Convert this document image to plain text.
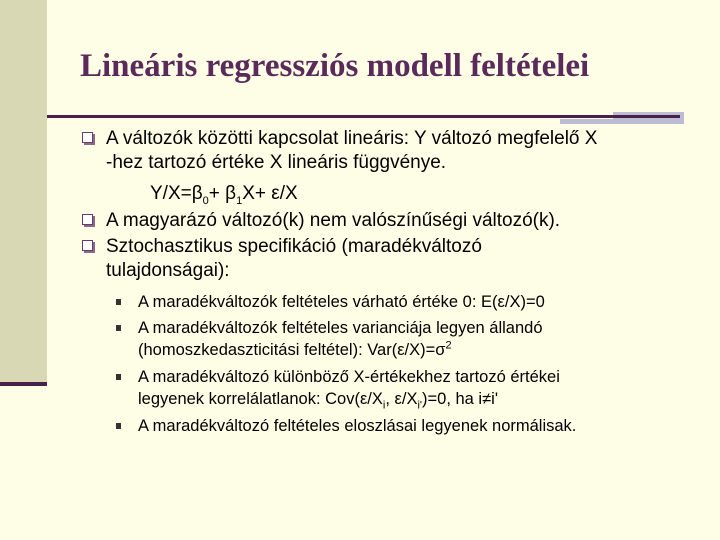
Lineáris regressziós modell feltételei
A változók közötti kapcsolat lineáris: Y változó megfelelő X
-hez tartozó értéke X lineáris függvénye.
$Y/X=\beta_0+ \beta_1X+ \varepsilon/X$
A magyarázó változó(k) nem valószínűségi változó(k).
Sztochasztikus specifikáció (maradékváltozó
tulajdonságai):
A maradékváltozók feltételes várható értéke 0: E(ε/X)=0
A maradékváltozók feltételes varianciája legyen állandó
(homoszkedaszticitási feltétel): $Var(\varepsilon/X)=\sigma^2$
A maradékváltozó különböző X-értékekhez tartozó értékei
legyenek korrelálatlanok: $Cov(\varepsilon/X_i$, $\varepsilon/X_{i'})=0$, ha i≠i'
A maradékváltozó feltételes eloszlásai legyenek normálisak.
